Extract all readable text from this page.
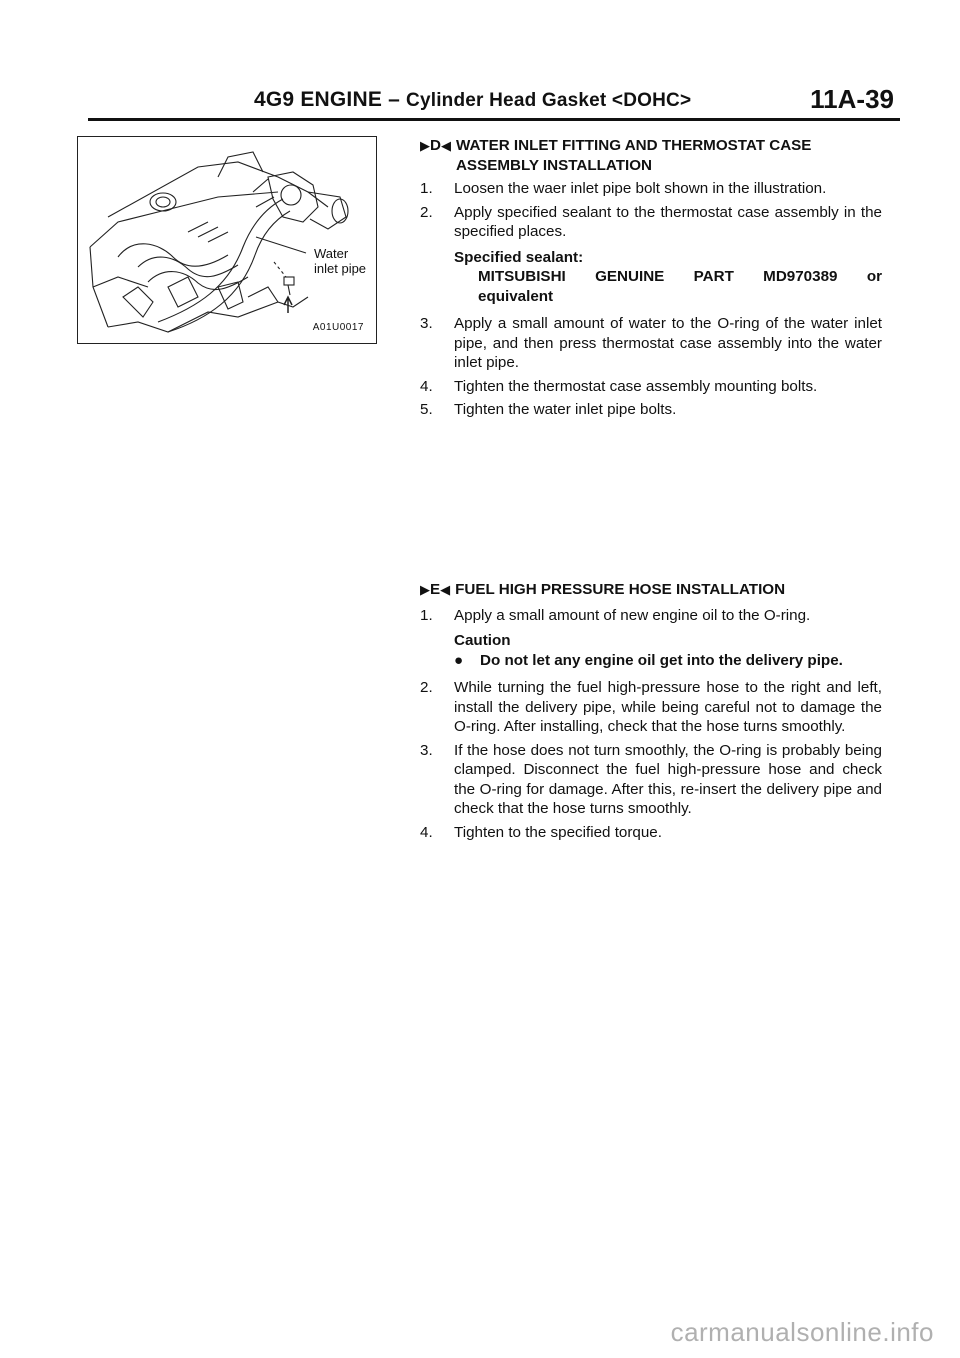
4G9 ENGINE – Cylinder Head Gasket <DOHC>	11A-39
Water
inlet pipe
A01U0017
▶D◀ WATER INLET FITTING AND THERMOSTAT CASE
ASSEMBLY INSTALLATION
1.	Loosen the waer inlet pipe bolt shown in the illustration.
2.	Apply specified sealant to the thermostat case assembly in the specified places.
Specified sealant:
MITSUBISHI GENUINE PART MD970389 or
equivalent
3.	Apply a small amount of water to the O-ring of the water inlet pipe, and then press thermostat case assembly into the water inlet pipe.
4.	Tighten the thermostat case assembly mounting bolts.
5.	Tighten the water inlet pipe bolts.
▶E◀ FUEL HIGH PRESSURE HOSE INSTALLATION
1.	Apply a small amount of new engine oil to the O-ring.
Caution
●	Do not let any engine oil get into the delivery pipe.
2.	While turning the fuel high-pressure hose to the right and left, install the delivery pipe, while being careful not to damage the O-ring. After installing, check that the hose turns smoothly.
3.	If the hose does not turn smoothly, the O-ring is probably being clamped. Disconnect the fuel high-pressure hose and check the O-ring for damage. After this, re-insert the delivery pipe and check that the hose turns smoothly.
4.	Tighten to the specified torque.
carmanualsonline.info
